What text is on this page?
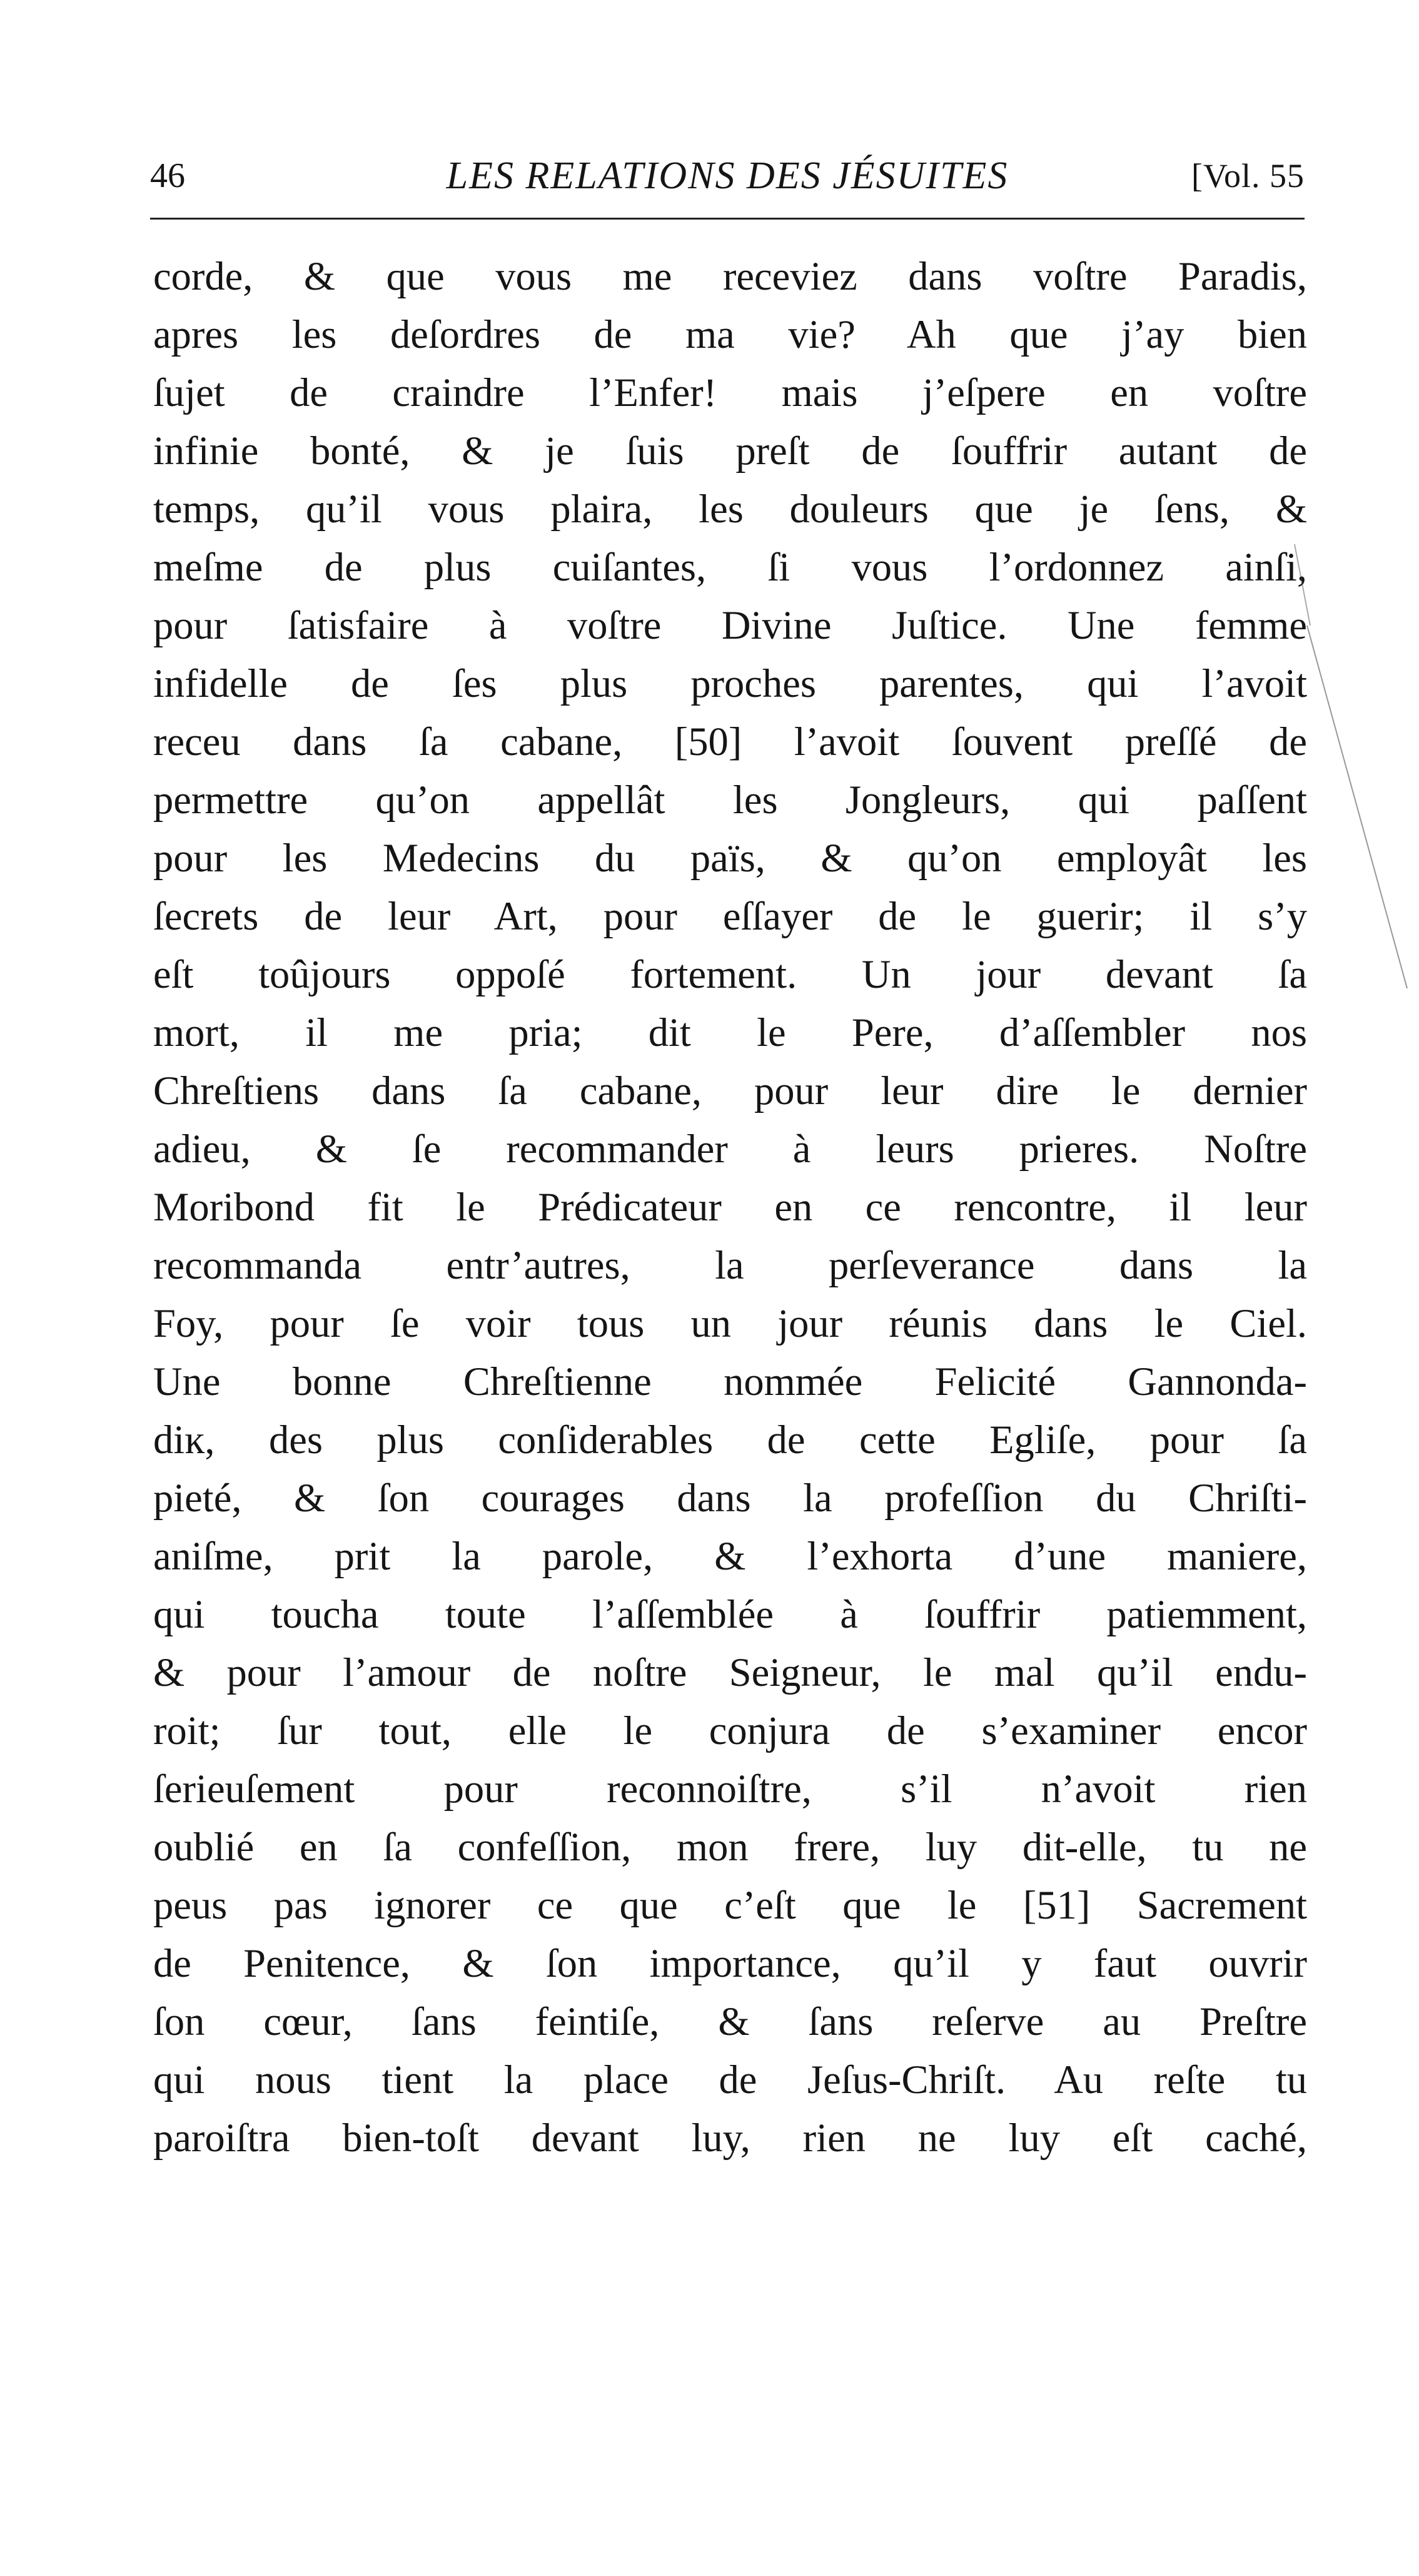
46	LES RELATIONS DES JÉSUITES	[Vol. 55
corde, & que vous me receviez dans voſtre Paradis,
apres les deſordres de ma vie? Ah que j’ay bien
ſujet de craindre l’Enfer! mais j’eſpere en voſtre
infinie bonté, & je ſuis preſt de ſouffrir autant de
temps, qu’il vous plaira, les douleurs que je ſens, &
meſme de plus cuiſantes, ſi vous l’ordonnez ainſi,
pour ſatisfaire à voſtre Divine Juſtice. Une femme
infidelle de ſes plus proches parentes, qui l’avoit
receu dans ſa cabane, [50] l’avoit ſouvent preſſé de
permettre qu’on appellât les Jongleurs, qui paſſent
pour les Medecins du païs, & qu’on employât les
ſecrets de leur Art, pour eſſayer de le guerir; il s’y
eſt toûjours oppoſé fortement. Un jour devant ſa
mort, il me pria; dit le Pere, d’aſſembler nos
Chreſtiens dans ſa cabane, pour leur dire le dernier
adieu, & ſe recommander à leurs prieres. Noſtre
Moribond fit le Prédicateur en ce rencontre, il leur
recommanda entr’autres, la perſeverance dans la
Foy, pour ſe voir tous un jour réunis dans le Ciel.
Une bonne Chreſtienne nommée Felicité Gannonda-
diĸ, des plus conſiderables de cette Egliſe, pour ſa
pieté, & ſon courages dans la profeſſion du Chriſti-
aniſme, prit la parole, & l’exhorta d’une maniere,
qui toucha toute l’aſſemblée à ſouffrir patiemment,
& pour l’amour de noſtre Seigneur, le mal qu’il endu-
roit; ſur tout, elle le conjura de s’examiner encor
ſerieuſement pour reconnoiſtre, s’il n’avoit rien
oublié en ſa confeſſion, mon frere, luy dit-elle, tu ne
peus pas ignorer ce que c’eſt que le [51] Sacrement
de Penitence, & ſon importance, qu’il y faut ouvrir
ſon cœur, ſans feintiſe, & ſans reſerve au Preſtre
qui nous tient la place de Jeſus-Chriſt. Au reſte tu
paroiſtra bien-toſt devant luy, rien ne luy eſt caché,
